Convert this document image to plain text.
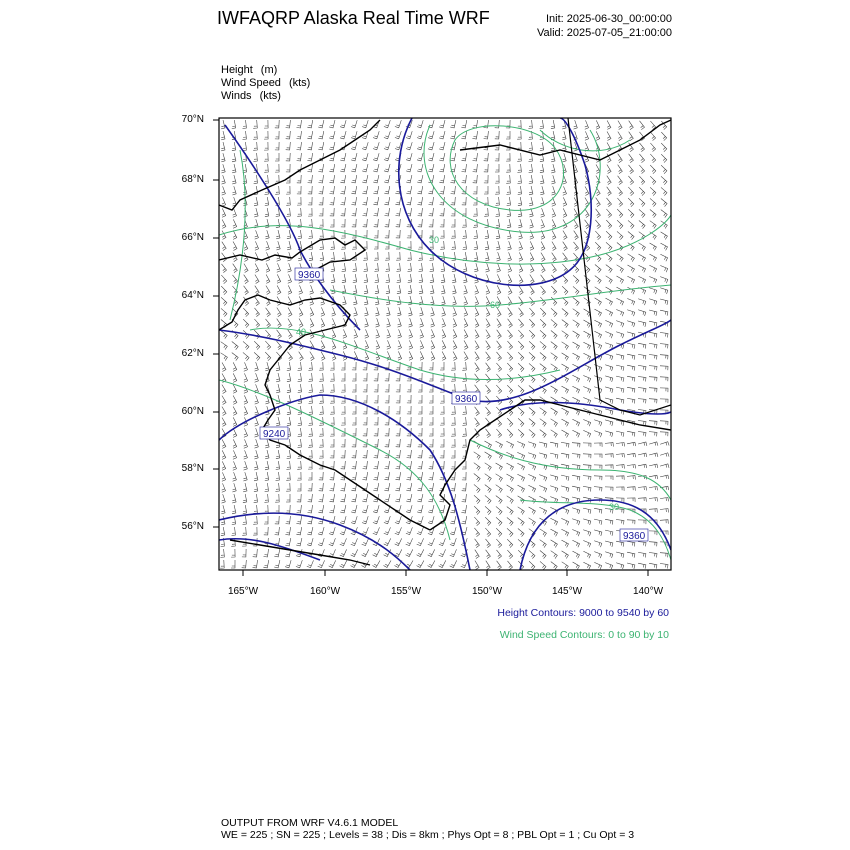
IWFAQRP Alaska Real Time WRF	Init: 2025-06-30_00:00:00
Valid: 2025-07-05_21:00:00
Height (m)
Wind Speed (kts)
Winds (kts)
9360
9360
9240
9360
30
60
40
30
70°N
68°N
66°N
64°N
62°N
60°N
58°N
56°N
165°W	160°W	155°W	150°W	145°W	140°W
Height Contours: 9000 to 9540 by 60
Wind Speed Contours: 0 to 90 by 10
OUTPUT FROM WRF V4.6.1 MODEL
WE = 225 ; SN = 225 ; Levels = 38 ; Dis = 8km ; Phys Opt = 8 ; PBL Opt = 1 ; Cu Opt = 3
